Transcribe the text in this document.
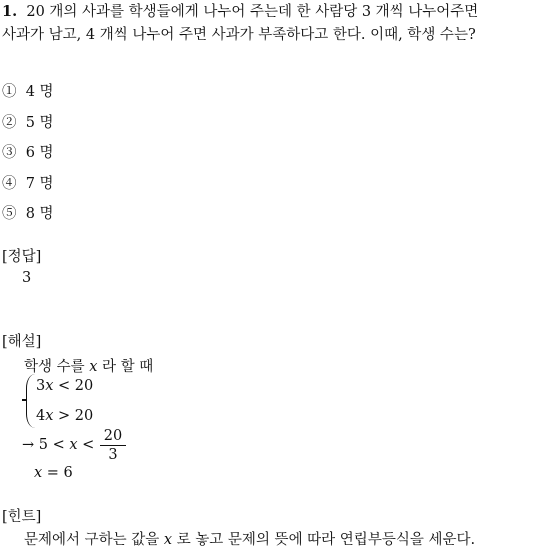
1. 20 개의 사과를 학생들에게 나누어 주는데 한 사람당 3 개씩 나누어주면
사과가 남고, 4 개씩 나누어 주면 사과가 부족하다고 한다. 이때, 학생 수는?
① 4 명
② 5 명
③ 6 명
④ 7 명
⑤ 8 명
[정답]
3
[해설]
학생 수를 x 라 할 때
3x < 20
4x > 20
→ $5 < x < \frac{20}{3}$
x = 6
[힌트]
문제에서 구하는 값을 x 로 놓고 문제의 뜻에 따라 연립부등식을 세운다.
